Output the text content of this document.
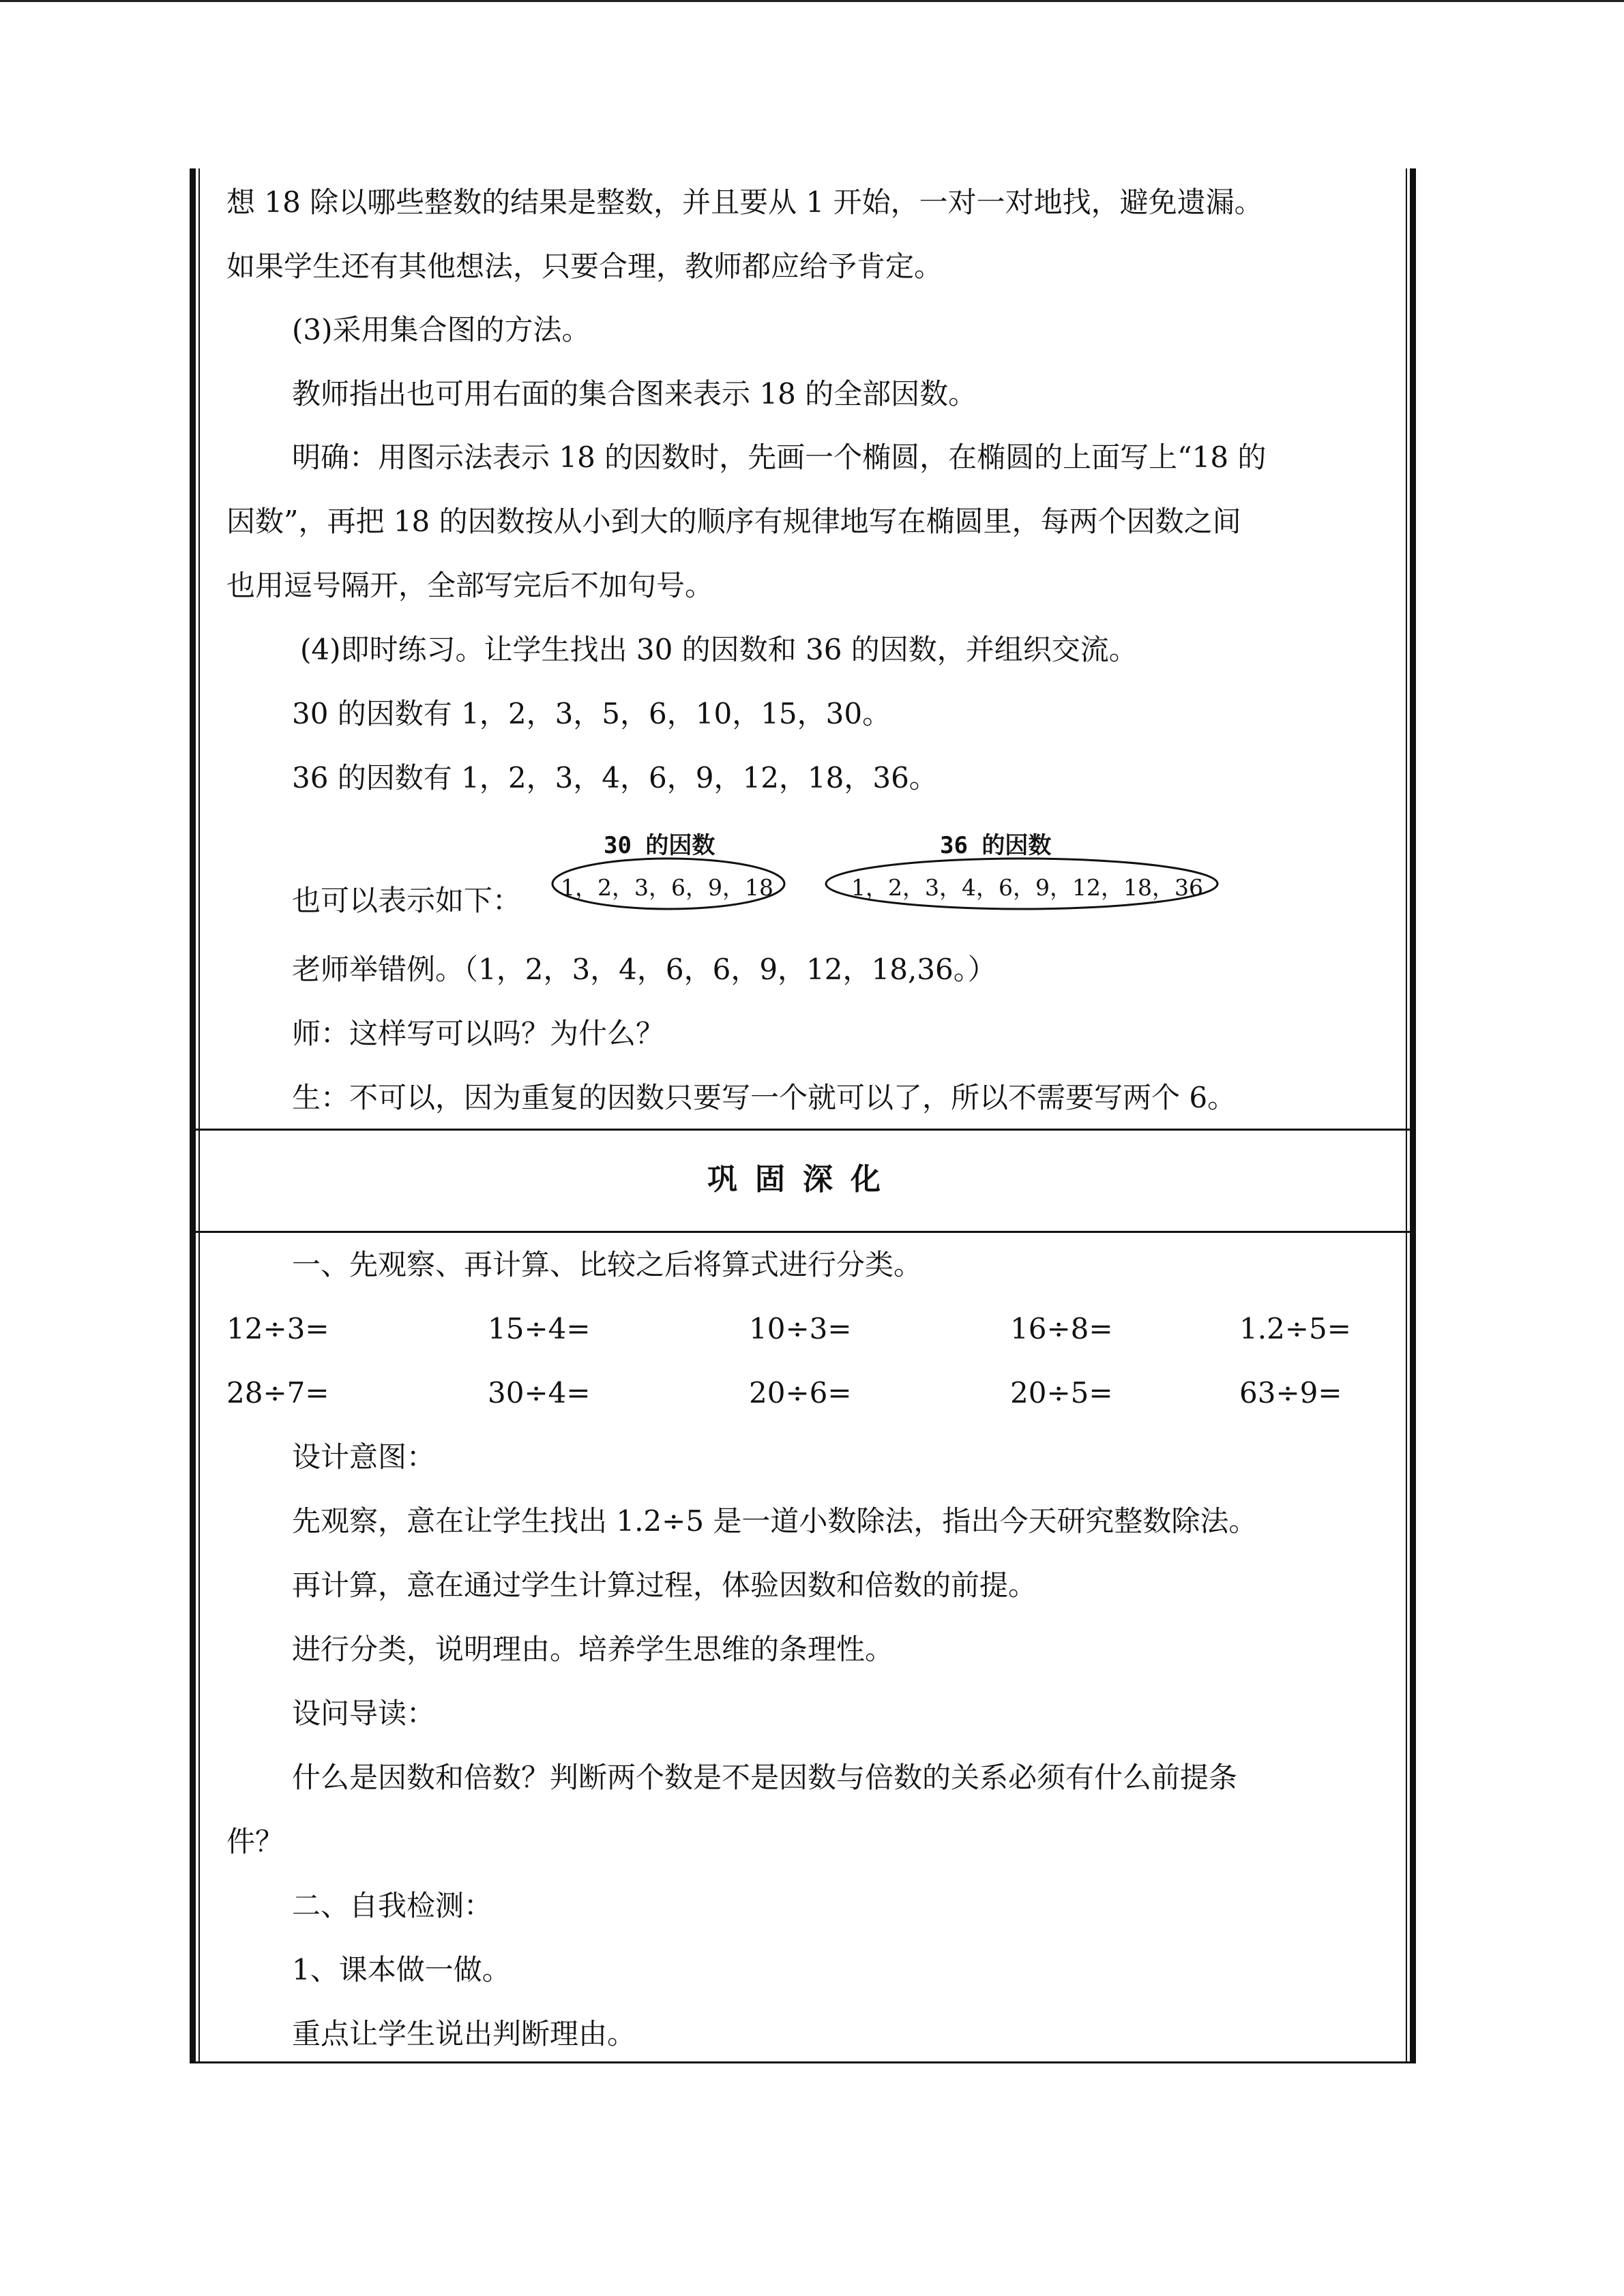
想 18 除以哪些整数的结果是整数，并且要从 1 开始，一对一对地找，避免遗漏。
如果学生还有其他想法，只要合理，教师都应给予肯定。
(3)采用集合图的方法。
教师指出也可用右面的集合图来表示 18 的全部因数。
明确：用图示法表示 18 的因数时，先画一个椭圆，在椭圆的上面写上“18 的
因数”，再把 18 的因数按从小到大的顺序有规律地写在椭圆里，每两个因数之间
也用逗号隔开，全部写完后不加句号。
(4)即时练习。让学生找出 30 的因数和 36 的因数，并组织交流。
30 的因数有 1，2，3，5，6，10，15，30。
36 的因数有 1，2，3，4，6，9，12，18，36。
30 的因数	36 的因数
1，2，3，6，9，18	1，2，3，4，6，9，12，18，36
也可以表示如下：
老师举错例。（1，2，3，4，6，6，9，12，18,36。）
师：这样写可以吗？为什么？
生：不可以，因为重复的因数只要写一个就可以了，所以不需要写两个 6。
巩固深化
一、先观察、再计算、比较之后将算式进行分类。
12÷3=	15÷4=	10÷3=	16÷8=	1.2÷5=
28÷7=	30÷4=	20÷6=	20÷5=	63÷9=
设计意图：
先观察，意在让学生找出 1.2÷5 是一道小数除法，指出今天研究整数除法。
再计算，意在通过学生计算过程，体验因数和倍数的前提。
进行分类，说明理由。培养学生思维的条理性。
设问导读：
什么是因数和倍数？判断两个数是不是因数与倍数的关系必须有什么前提条
件？
二、自我检测：
1、课本做一做。
重点让学生说出判断理由。
